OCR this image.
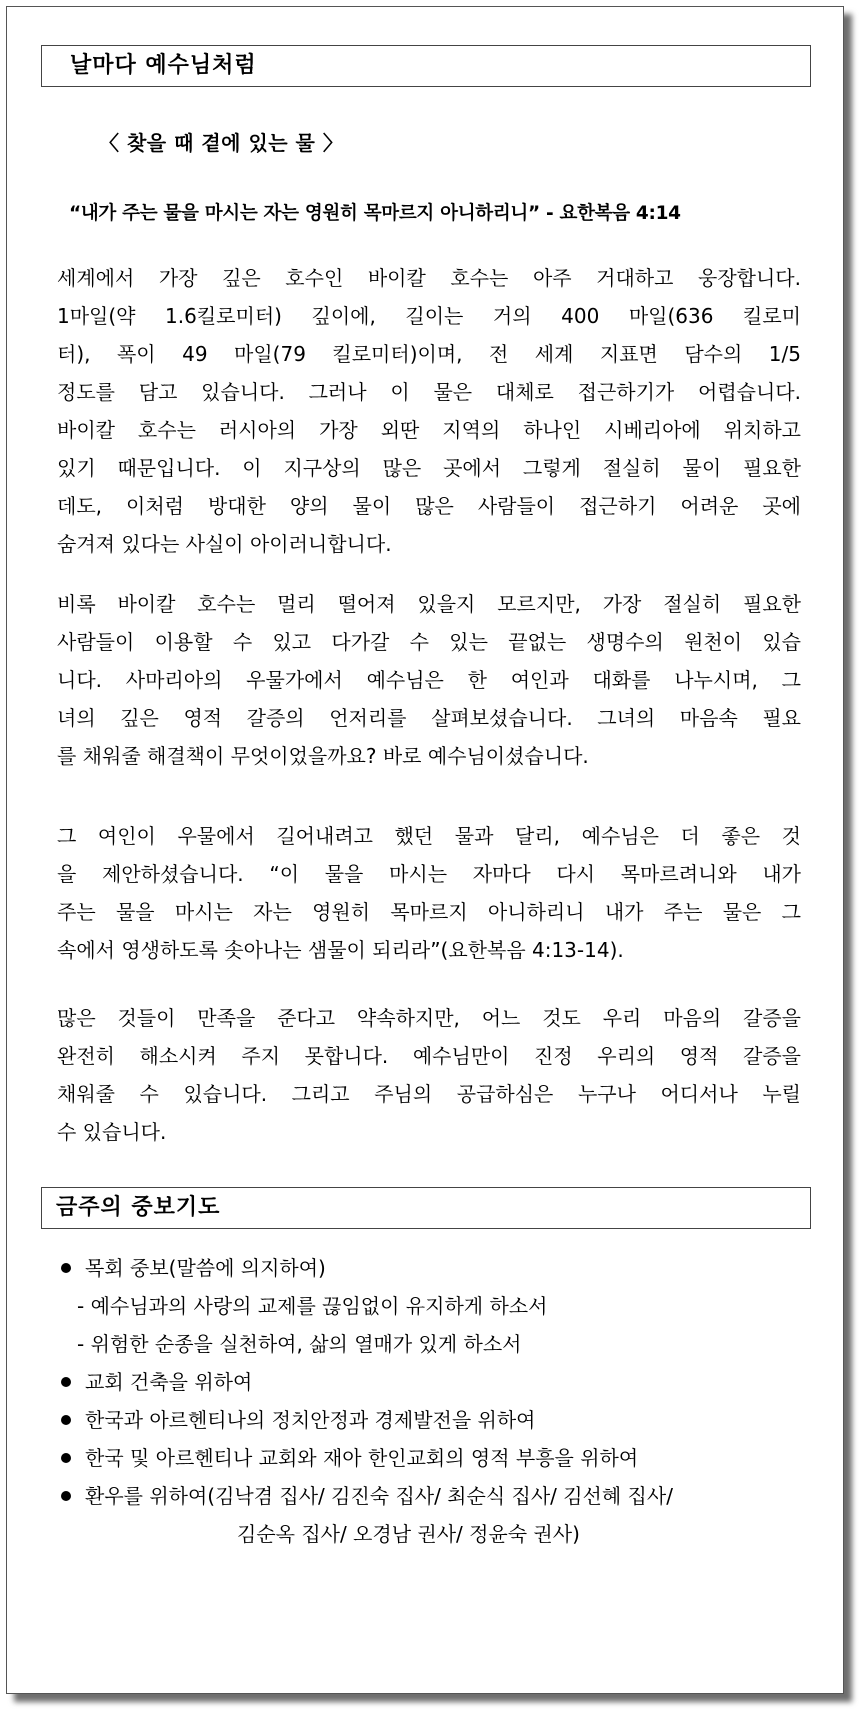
날마다 예수님처럼
〈 찾을 때 곁에 있는 물 〉
“내가 주는 물을 마시는 자는 영원히 목마르지 아니하리니” - 요한복음 4:14
세계에서 가장 깊은 호수인 바이칼 호수는 아주 거대하고 웅장합니다.
1마일(약 1.6킬로미터) 깊이에, 길이는 거의 400 마일(636 킬로미
터), 폭이 49 마일(79 킬로미터)이며, 전 세계 지표면 담수의 1/5
정도를 담고 있습니다. 그러나 이 물은 대체로 접근하기가 어렵습니다.
바이칼 호수는 러시아의 가장 외딴 지역의 하나인 시베리아에 위치하고
있기 때문입니다. 이 지구상의 많은 곳에서 그렇게 절실히 물이 필요한
데도, 이처럼 방대한 양의 물이 많은 사람들이 접근하기 어려운 곳에
숨겨져 있다는 사실이 아이러니합니다.
비록 바이칼 호수는 멀리 떨어져 있을지 모르지만, 가장 절실히 필요한
사람들이 이용할 수 있고 다가갈 수 있는 끝없는 생명수의 원천이 있습
니다. 사마리아의 우물가에서 예수님은 한 여인과 대화를 나누시며, 그
녀의 깊은 영적 갈증의 언저리를 살펴보셨습니다. 그녀의 마음속 필요
를 채워줄 해결책이 무엇이었을까요? 바로 예수님이셨습니다.
그 여인이 우물에서 길어내려고 했던 물과 달리, 예수님은 더 좋은 것
을 제안하셨습니다. “이 물을 마시는 자마다 다시 목마르려니와 내가
주는 물을 마시는 자는 영원히 목마르지 아니하리니 내가 주는 물은 그
속에서 영생하도록 솟아나는 샘물이 되리라”(요한복음 4:13-14).
많은 것들이 만족을 준다고 약속하지만, 어느 것도 우리 마음의 갈증을
완전히 해소시켜 주지 못합니다. 예수님만이 진정 우리의 영적 갈증을
채워줄 수 있습니다. 그리고 주님의 공급하심은 누구나 어디서나 누릴
수 있습니다.
금주의 중보기도
목회 중보(말씀에 의지하여)
- 예수님과의 사랑의 교제를 끊임없이 유지하게 하소서
- 위험한 순종을 실천하여, 삶의 열매가 있게 하소서
교회 건축을 위하여
한국과 아르헨티나의 정치안정과 경제발전을 위하여
한국 및 아르헨티나 교회와 재아 한인교회의 영적 부흥을 위하여
환우를 위하여(김낙겸 집사/ 김진숙 집사/ 최순식 집사/ 김선혜 집사/
김순옥 집사/ 오경남 권사/ 정윤숙 권사)
